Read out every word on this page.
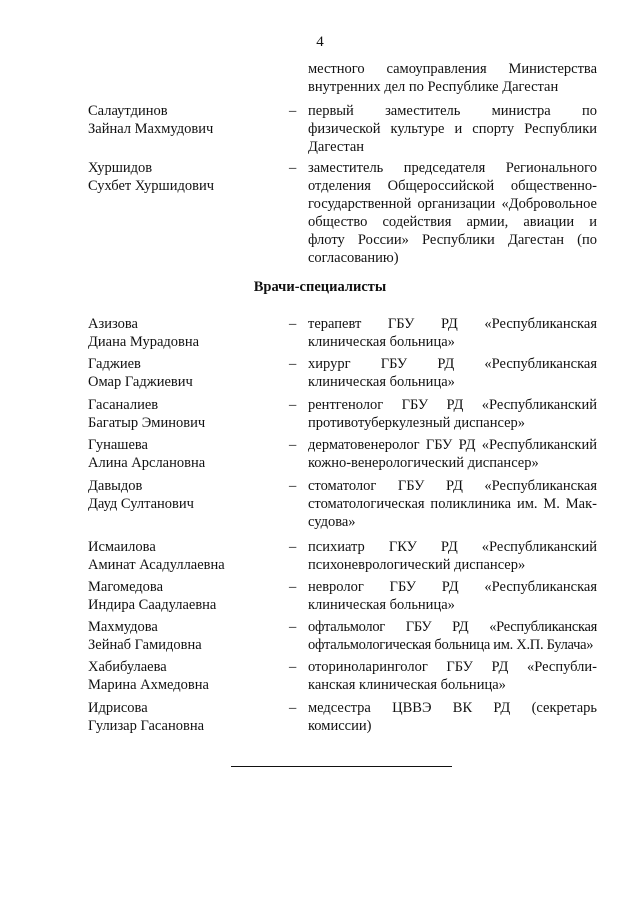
4
местного самоуправления Министерства
внутренних дел по Республике Дагестан
Салаутдинов
Зайнал Махмудович
– первый заместитель министра по
физической культуре и спорту Республики
Дагестан
Хуршидов
Сухбет Хуршидович
– заместитель председателя Регионального
отделения Общероссийской общественно-
государственной организации «Добровольное
общество содействия армии, авиации и
флоту России» Республики Дагестан (по
согласованию)
Врачи-специалисты
Азизова
Диана Мурадовна
– терапевт ГБУ РД «Республиканская
клиническая больница»
Гаджиев
Омар Гаджиевич
– хирург ГБУ РД «Республиканская
клиническая больница»
Гасаналиев
Багатыр Эминович
– рентгенолог ГБУ РД «Республиканский
противотуберкулезный диспансер»
Гунашева
Алина Арслановна
– дерматовенеролог ГБУ РД «Республиканский
кожно-венерологический диспансер»
Давыдов
Дауд Султанович
– стоматолог ГБУ РД «Республиканская
стоматологическая поликлиника им. М. Мак-
судова»
Исмаилова
Аминат Асадуллаевна
– психиатр ГКУ РД «Республиканский
психоневрологический диспансер»
Магомедова
Индира Саадулаевна
– невролог ГБУ РД «Республиканская
клиническая больница»
Махмудова
Зейнаб Гамидовна
– офтальмолог ГБУ РД «Республиканская
офтальмологическая больница им. Х.П. Булача»
Хабибулаева
Марина Ахмедовна
– оториноларинголог ГБУ РД «Республи-
канская клиническая больница»
Идрисова
Гулизар Гасановна
– медсестра ЦВВЭ ВК РД (секретарь
комиссии)
